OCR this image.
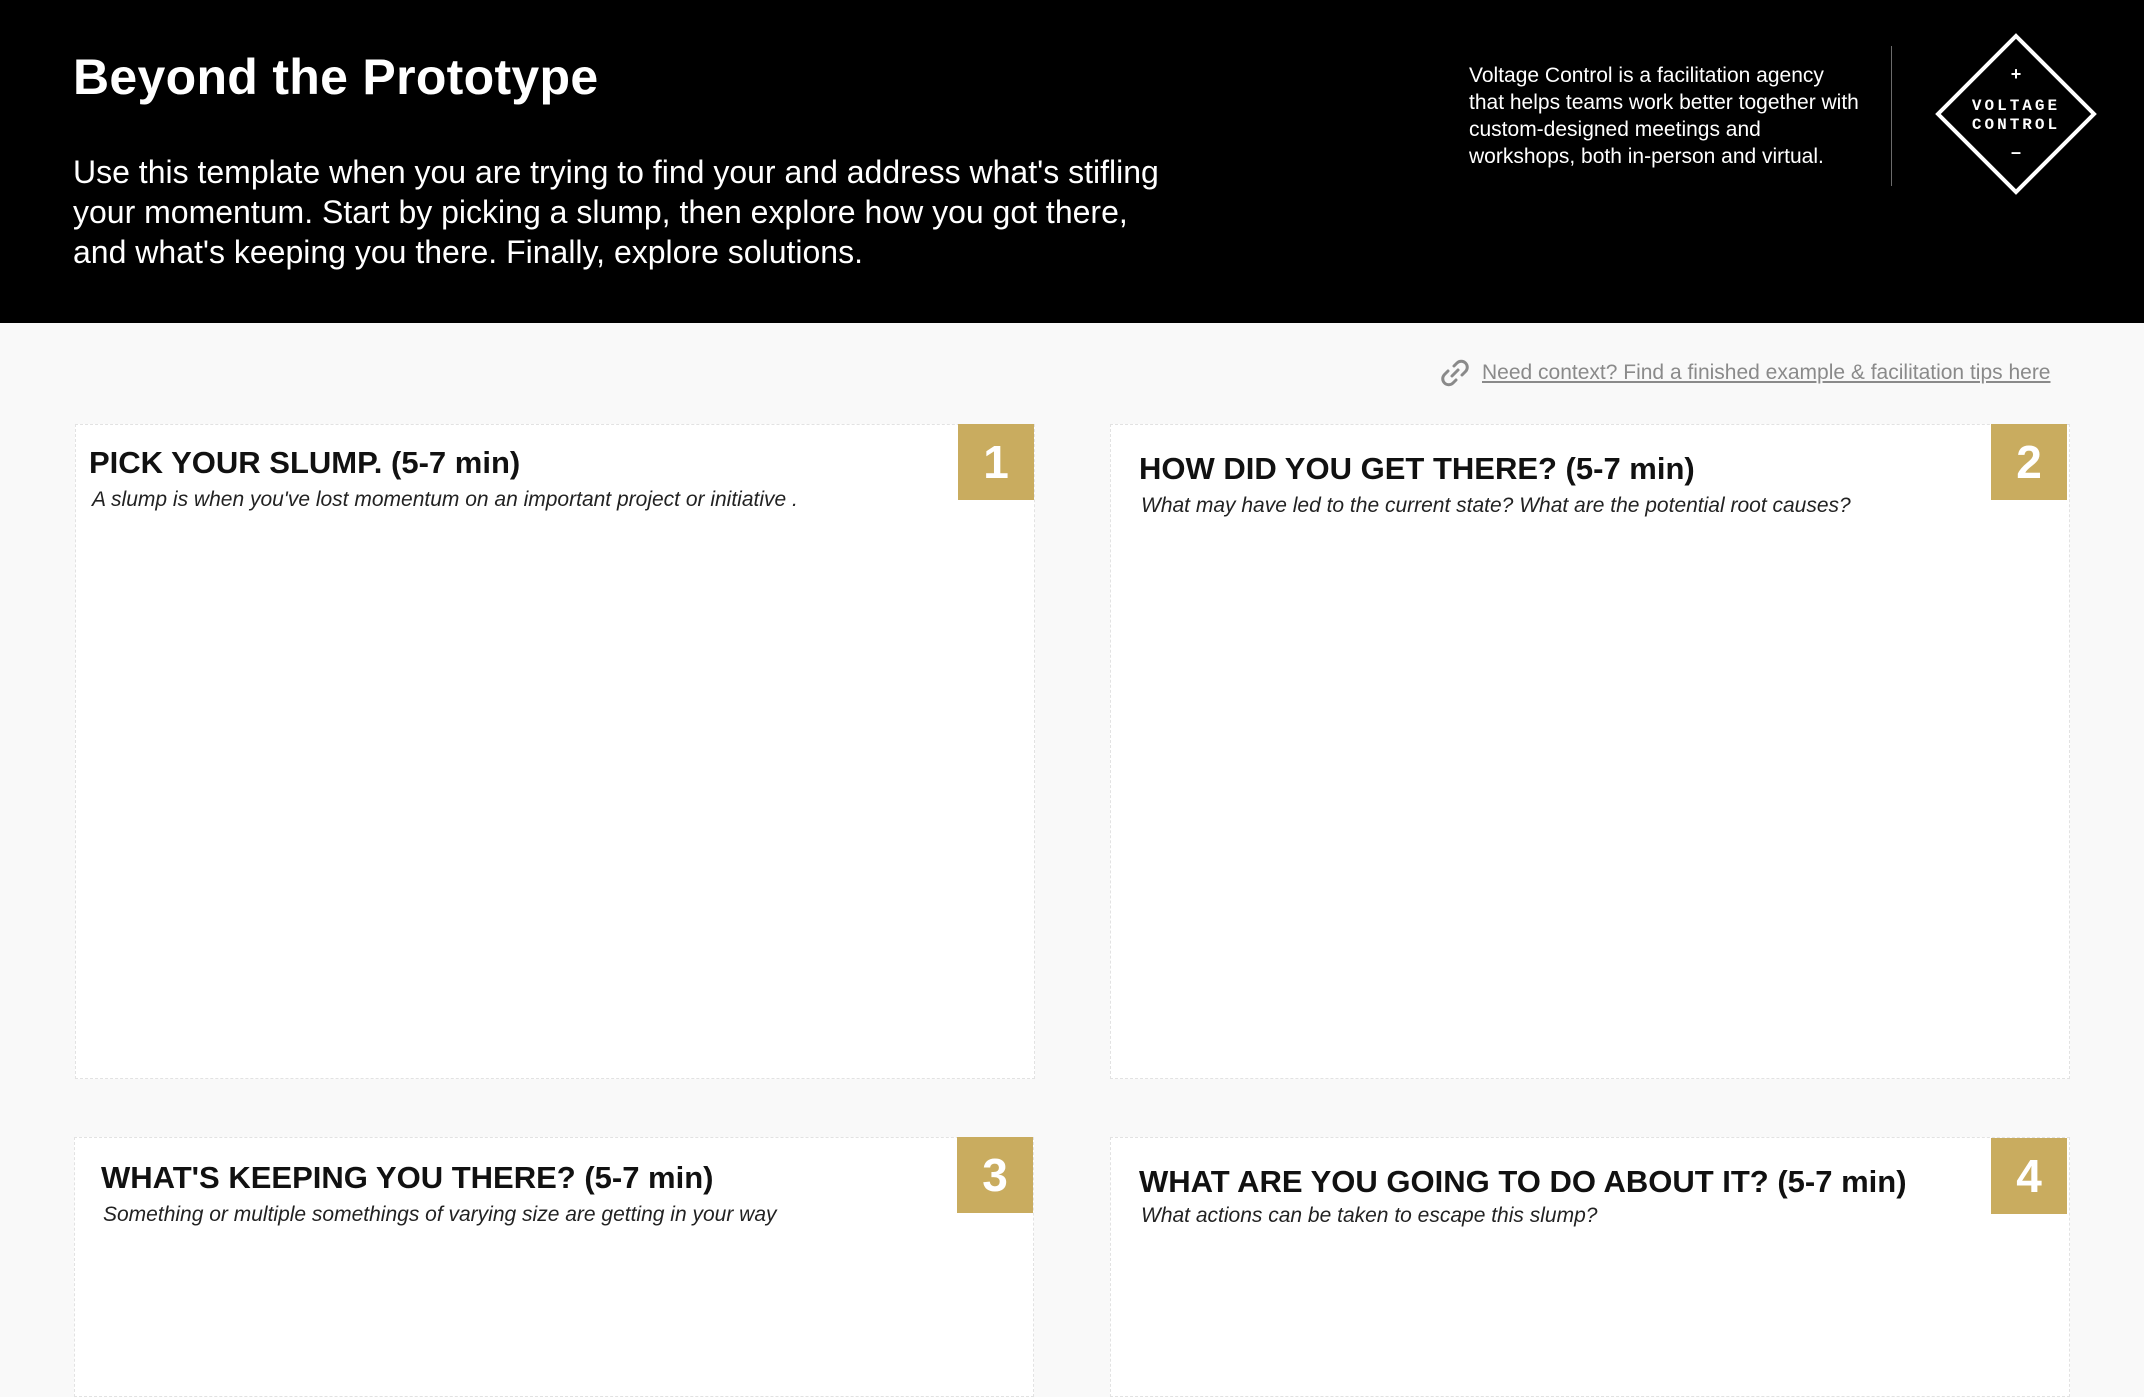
Beyond the Prototype

Use this template when you are trying to find your and address what's stifling your momentum. Start by picking a slump, then explore how you got there, and what's keeping you there. Finally, explore solutions.

Voltage Control is a facilitation agency that helps teams work better together with custom-designed meetings and workshops, both in-person and virtual.

+
VOLTAGE
CONTROL
–
Need context? Find a finished example & facilitation tips here
PICK YOUR SLUMP. (5-7 min)

A slump is when you've lost momentum on an important project or initiative .

1	HOW DID YOU GET THERE? (5-7 min)

What may have led to the current state? What are the potential root causes?

2
WHAT'S KEEPING YOU THERE? (5-7 min)

Something or multiple somethings of varying size are getting in your way

3	WHAT ARE YOU GOING TO DO ABOUT IT? (5-7 min)

What actions can be taken to escape this slump?

4
